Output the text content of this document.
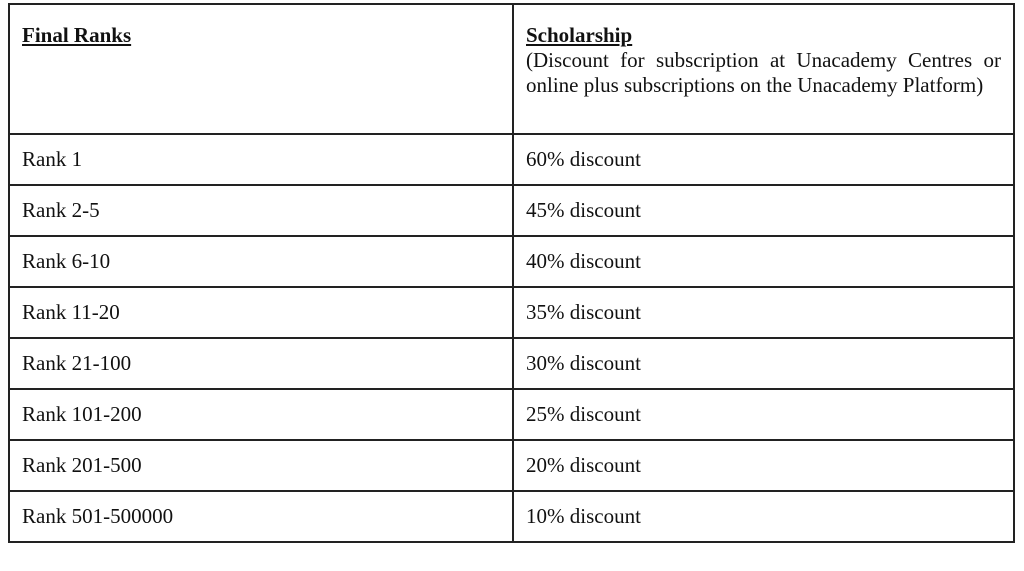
Final Ranks	Scholarship
(Discount for subscription at Unacademy Centres or online plus subscriptions on the Unacademy Platform)

Rank 1	60% discount
Rank 2-5	45% discount
Rank 6-10	40% discount
Rank 11-20	35% discount
Rank 21-100	30% discount
Rank 101-200	25% discount
Rank 201-500	20% discount
Rank 501-500000	10% discount
